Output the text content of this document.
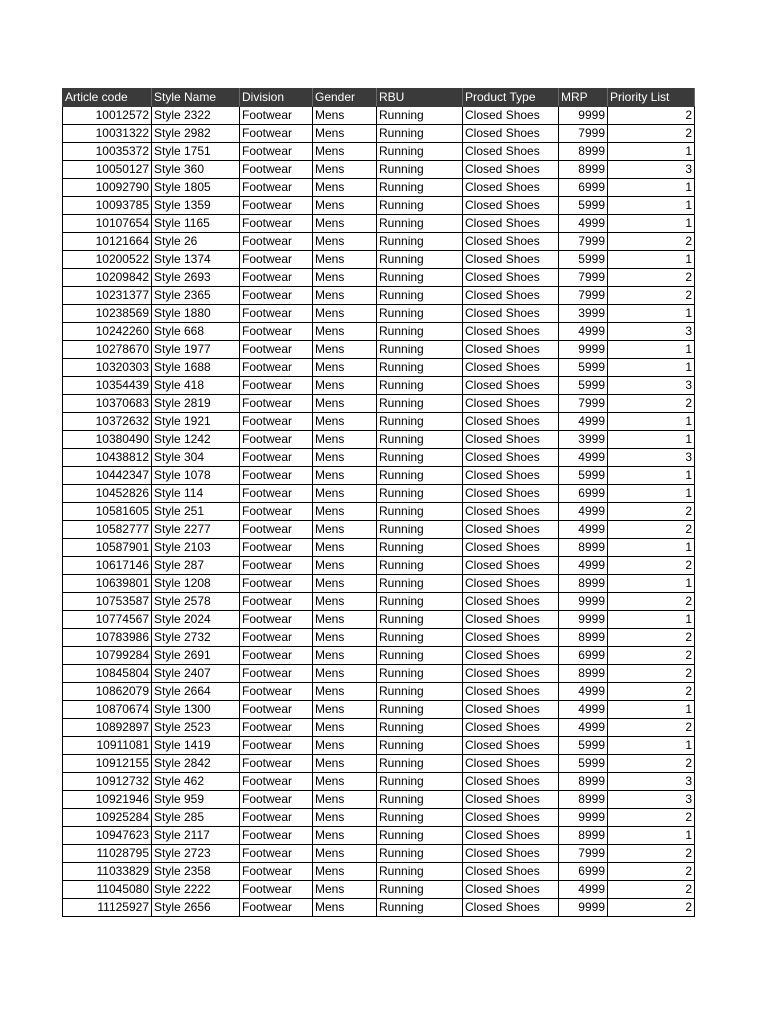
Article code	Style Name	Division	Gender	RBU	Product Type	MRP	Priority List
10012572	Style 2322	Footwear	Mens	Running	Closed Shoes	9999	2
10031322	Style 2982	Footwear	Mens	Running	Closed Shoes	7999	2
10035372	Style 1751	Footwear	Mens	Running	Closed Shoes	8999	1
10050127	Style 360	Footwear	Mens	Running	Closed Shoes	8999	3
10092790	Style 1805	Footwear	Mens	Running	Closed Shoes	6999	1
10093785	Style 1359	Footwear	Mens	Running	Closed Shoes	5999	1
10107654	Style 1165	Footwear	Mens	Running	Closed Shoes	4999	1
10121664	Style 26	Footwear	Mens	Running	Closed Shoes	7999	2
10200522	Style 1374	Footwear	Mens	Running	Closed Shoes	5999	1
10209842	Style 2693	Footwear	Mens	Running	Closed Shoes	7999	2
10231377	Style 2365	Footwear	Mens	Running	Closed Shoes	7999	2
10238569	Style 1880	Footwear	Mens	Running	Closed Shoes	3999	1
10242260	Style 668	Footwear	Mens	Running	Closed Shoes	4999	3
10278670	Style 1977	Footwear	Mens	Running	Closed Shoes	9999	1
10320303	Style 1688	Footwear	Mens	Running	Closed Shoes	5999	1
10354439	Style 418	Footwear	Mens	Running	Closed Shoes	5999	3
10370683	Style 2819	Footwear	Mens	Running	Closed Shoes	7999	2
10372632	Style 1921	Footwear	Mens	Running	Closed Shoes	4999	1
10380490	Style 1242	Footwear	Mens	Running	Closed Shoes	3999	1
10438812	Style 304	Footwear	Mens	Running	Closed Shoes	4999	3
10442347	Style 1078	Footwear	Mens	Running	Closed Shoes	5999	1
10452826	Style 114	Footwear	Mens	Running	Closed Shoes	6999	1
10581605	Style 251	Footwear	Mens	Running	Closed Shoes	4999	2
10582777	Style 2277	Footwear	Mens	Running	Closed Shoes	4999	2
10587901	Style 2103	Footwear	Mens	Running	Closed Shoes	8999	1
10617146	Style 287	Footwear	Mens	Running	Closed Shoes	4999	2
10639801	Style 1208	Footwear	Mens	Running	Closed Shoes	8999	1
10753587	Style 2578	Footwear	Mens	Running	Closed Shoes	9999	2
10774567	Style 2024	Footwear	Mens	Running	Closed Shoes	9999	1
10783986	Style 2732	Footwear	Mens	Running	Closed Shoes	8999	2
10799284	Style 2691	Footwear	Mens	Running	Closed Shoes	6999	2
10845804	Style 2407	Footwear	Mens	Running	Closed Shoes	8999	2
10862079	Style 2664	Footwear	Mens	Running	Closed Shoes	4999	2
10870674	Style 1300	Footwear	Mens	Running	Closed Shoes	4999	1
10892897	Style 2523	Footwear	Mens	Running	Closed Shoes	4999	2
10911081	Style 1419	Footwear	Mens	Running	Closed Shoes	5999	1
10912155	Style 2842	Footwear	Mens	Running	Closed Shoes	5999	2
10912732	Style 462	Footwear	Mens	Running	Closed Shoes	8999	3
10921946	Style 959	Footwear	Mens	Running	Closed Shoes	8999	3
10925284	Style 285	Footwear	Mens	Running	Closed Shoes	9999	2
10947623	Style 2117	Footwear	Mens	Running	Closed Shoes	8999	1
11028795	Style 2723	Footwear	Mens	Running	Closed Shoes	7999	2
11033829	Style 2358	Footwear	Mens	Running	Closed Shoes	6999	2
11045080	Style 2222	Footwear	Mens	Running	Closed Shoes	4999	2
11125927	Style 2656	Footwear	Mens	Running	Closed Shoes	9999	2
